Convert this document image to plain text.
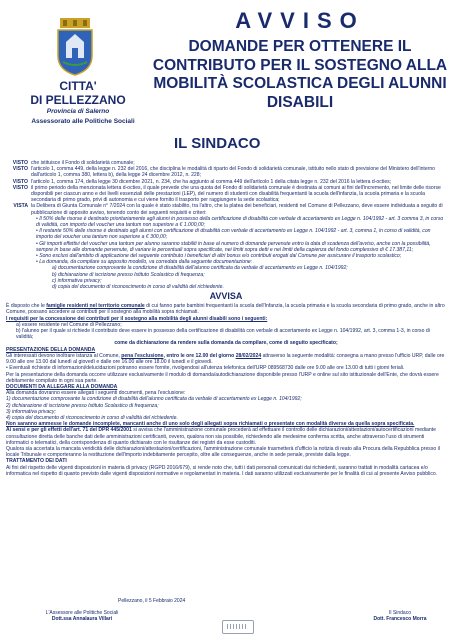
CITTA'
DI PELLEZZANO
Provincia di Salerno
Assessorato alle Politiche Sociali
AVVISO
DOMANDE PER OTTENERE IL CONTRIBUTO PER IL SOSTEGNO ALLA MOBILITÀ SCOLASTICA DEGLI ALUNNI DISABILI
IL SINDACO
VISTO che istituisce il Fondo di solidarietà comunale;
VISTO l'articolo 1, comma 449, della legge n. 232 del 2016, che disciplina le modalità di riparto del Fondo di solidarietà comunale, istituito nello stato di previsione del Ministero dell'interno dall'articolo 1, comma 380, lettera b), della legge 24 dicembre 2012, n. 228;
VISTO l'articolo 1, comma 174, della legge 30 dicembre 2021, n. 234, che ha aggiunto al comma 449 dell'articolo 1 della citata legge n. 232 del 2016 la lettera d-octies;
VISTO il primo periodo della menzionata lettera d-octies, il quale prevede che una quota del Fondo di solidarietà comunale è destinata ai comuni ai fini dell'incremento, nel limite delle risorse disponibili per ciascun anno e dei livelli essenziali delle prestazioni (LEP), del numero di studenti con disabilità frequentanti la scuola dell'infanzia, la scuola primaria e la scuola secondaria di primo grado, privi di autonomia e cui viene fornito il trasporto per raggiungere la sede scolastica;
VISTA la Delibera di Giunta Comunale n° 7/2024 con la quale è stato stabilito, tra l'altro, che la platea dei beneficiari, residenti nel Comune di Pellezzano, deve essere individuata a seguito di pubblicazione di apposito avviso, tenendo conto dei seguenti requisiti e criteri:
• Il 50% delle risorse è destinato prioritariamente agli alunni in possesso della certificazione di disabilità con verbale di accertamento ex Legge n. 104/1992 - art. 3 comma 3, in corso di validità, con importo del voucher una tantum non superiore a € 1.000,00;
• Il restante 50% delle risorse è destinato agli alunni con certificazione di disabilità con verbale di accertamento ex Legge n. 104/1992 - art. 3, comma 1, in corso di validità, con importo del voucher una tantum non superiore a € 300,00;
• Gli importi effettivi del voucher una tantum per alunno saranno stabiliti in base al numero di domande pervenute entro la data di scadenza dell'avviso, anche con la possibilità, sempre in base alle domande pervenute, di variare le percentuali sopra specificate, nei limiti sopra detti e nei limiti della capienza del fondo complessivo di € 17.387,11;
• Sono esclusi dall'ambito di applicazione del seguente contributo i beneficiari di altri bonus e/o contributi erogati dal Comune per assicurare il trasporto scolastico;
• La domanda, da compilare su apposito modello, va corredata dalla seguente documentazione:
a) documentazione comprovante la condizione di disabilità dell'alunno certificata da verbale di accertamento ex Legge n. 104/1992;
b) dichiarazione di iscrizione presso Istituto Scolastico di frequenza;
c) informativa privacy;
d) copia del documento di riconoscimento in corso di validità del richiedente.
AVVISA
È disposto che le famiglie residenti nel territorio comunale di cui fanno parte bambini frequentanti la scuola dell'Infanzia, la scuola primaria e la scuola secondaria di primo grado, anche in altro Comune, possano accedere ai contributi per il sostegno alla mobilità sopra richiamati.
I requisiti per la concessione dei contributi per il sostegno alla mobilità degli alunni disabili sono i seguenti:
a) essere residente nel Comune di Pellezzano;
b) l'alunno per il quale si richiede il contributo deve essere in possesso della certificazione di disabilità con verbale di accertamento ex Legge n. 104/1992, art. 3, comma 1-3, in corso di validità;
come da dichiarazione da rendere sulla domanda da compilare, come di seguito specificato;
PRESENTAZIONE DELLA DOMANDA
Gli interessati devono inoltrare istanza al Comune, pena l'esclusione, entro le ore 12.00 del giorno 28/02/2024 attraverso la seguente modalità: consegna a mano presso l'ufficio URP, dalle ore 9.00 alle ore 13.00 dal lunedì al giovedì e dalle ore 16.00 alle ore 18.00 il lunedì e il giovedì.
• Eventuali richieste di informazioni/delucidazioni potranno essere fornite, rivolgendosi all'utenza telefonica dell'URP 089568730 dalle ore 9.00 alle ore 13.00 di tutti i giorni feriali.
Per la presentazione della domanda occorre utilizzare esclusivamente il modulo di domanda/autodichiarazione disponibile presso l'URP e online sul sito istituzionale dell'Ente, che dovrà essere debitamente compilato in ogni sua parte.
DOCUMENTI DA ALLEGARE ALLA DOMANDA
Alla domanda dovranno essere allegati i seguenti documenti, pena l'esclusione:
1) documentazione comprovante la condizione di disabilità dell'alunno certificata da verbale di accertamento ex Legge n. 104/1992;
2) dichiarazione di iscrizione presso Istituto Scolastico di frequenza;
3) informativa privacy;
4) copia del documento di riconoscimento in corso di validità del richiedente.
Non saranno ammesse le domande incomplete, mancanti anche di uno solo degli allegati sopra richiamati o presentate con modalità diverse da quella sopra specificata.
Ai sensi e per gli effetti dell'art. 71 del DPR 445/2001 si avvisa che l'amministrazione comunale procederà ad effettuare il controllo delle dichiarazioni/attestazioni/autocertificazioni mediante consultazione diretta delle banche dati delle amministrazioni certificanti, ovvero, qualora non sia possibile, richiedendo alle medesime conferma scritta, anche attraverso l'uso di strumenti informatici o telematici, della corrispondenza di quanto dichiarato con le risultanze dei registri da esse custoditi.
Qualora sia accertata la mancata veridicità delle dichiarazioni/attestazioni/certificazioni, l'amministrazione comunale trasmetterà d'ufficio la notizia di reato alla Procura della Repubblica presso il locale Tribunale e comporteranno la restituzione dell'importo indebitamente percepito, oltre alle conseguenze, anche in sede penale, previste dalla legge.
TRATTAMENTO DEI DATI
Ai fini del rispetto delle vigenti disposizioni in materia di privacy (RGPD 2016/679), si rende noto che, tutti i dati personali comunicati dai richiedenti, saranno trattati in modalità cartacea e/o informatica nel rispetto di quanto previsto dalle vigenti disposizioni normative e regolamentari in materia. I dati saranno utilizzati esclusivamente per le finalità di cui al presente Avviso pubblico.
Pellezzano, il 5 Febbraio 2024
L'Assessore alle Politiche Sociali
Dott.ssa Annalaura Villari
Il Sindaco
Dott. Francesco Morra
